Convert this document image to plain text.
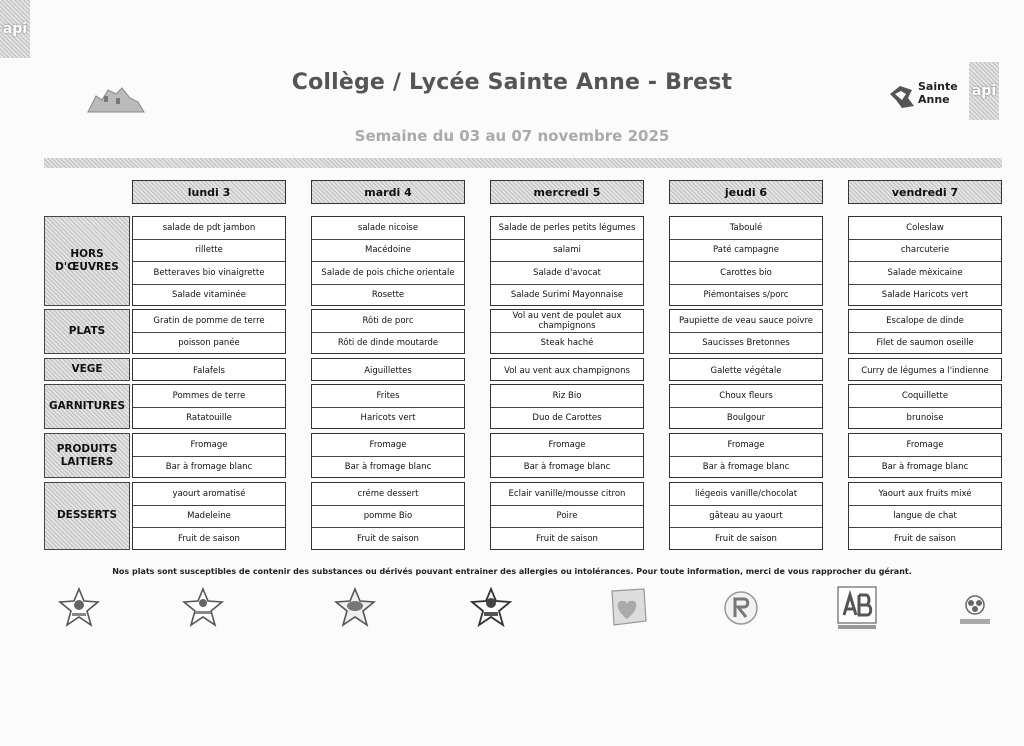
api
api
Sainte
Anne
Collège / Lycée Sainte Anne - Brest
Semaine du 03 au 07 novembre 2025
HORS D'ŒUVRES
PLATS
VEGE
GARNITURES
PRODUITS LAITIERS
DESSERTS
lundi 3
salade de pdt jambon
rillette
Betteraves bio vinaigrette
Salade vitaminée
Gratin de pomme de terre
poisson panée
Falafels
Pommes de terre
Ratatouille
Fromage
Bar à fromage blanc
yaourt aromatisé
Madeleine
Fruit de saison
mardi 4
salade nicoise
Macédoine
Salade de pois chiche orientale
Rosette
Rôti de porc
Rôti de dinde moutarde
Aiguillettes
Frites
Haricots vert
Fromage
Bar à fromage blanc
créme dessert
pomme Bio
Fruit de saison
mercredi 5
Salade de perles petits légumes
salami
Salade d'avocat
Salade Surimi Mayonnaise
Vol au vent de poulet aux champignons
Steak haché
Vol au vent aux champignons
Riz Bio
Duo de Carottes
Fromage
Bar à fromage blanc
Eclair vanille/mousse citron
Poire
Fruit de saison
jeudi 6
Taboulé
Paté campagne
Carottes bio
Piémontaises s/porc
Paupiette de veau sauce poivre
Saucisses Bretonnes
Galette végétale
Choux fleurs
Boulgour
Fromage
Bar à fromage blanc
liégeois vanille/chocolat
gâteau au yaourt
Fruit de saison
vendredi 7
Coleslaw
charcuterie
Salade mèxicaine
Salade Haricots vert
Escalope de dinde
Filet de saumon oseille
Curry de légumes a l'indienne
Coquillette
brunoise
Fromage
Bar à fromage blanc
Yaourt aux fruits mixé
langue de chat
Fruit de saison
Nos plats sont susceptibles de contenir des substances ou dérivés pouvant entrainer des allergies ou intolérances. Pour toute information, merci de vous rapprocher du gérant.
